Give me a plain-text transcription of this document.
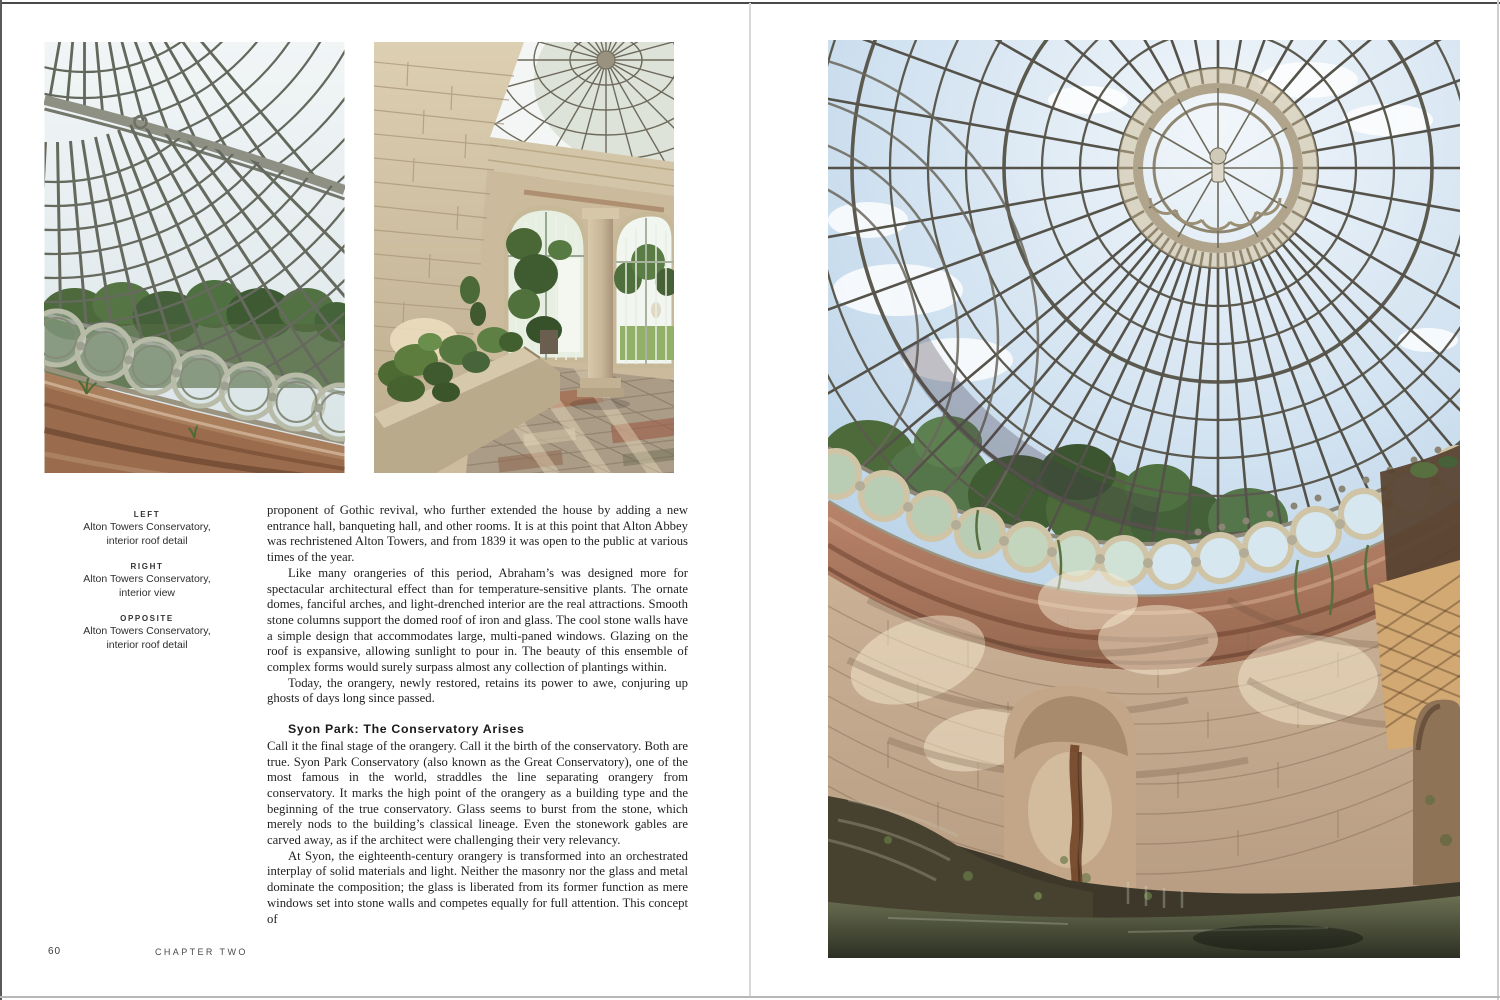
LEFT
Alton Towers Conservatory,
interior roof detail
RIGHT
Alton Towers Conservatory,
interior view
OPPOSITE
Alton Towers Conservatory,
interior roof detail

proponent of Gothic revival, who further extended the house by adding a new entrance hall, banqueting hall, and other rooms. It is at this point that Alton Abbey was rechristened Alton Towers, and from 1839 it was open to the public at various times of the year.

Like many orangeries of this period, Abraham’s was designed more for spectacular architectural effect than for temperature-sensitive plants. The ornate domes, fanciful arches, and light-drenched interior are the real attractions. Smooth stone columns support the domed roof of iron and glass. The cool stone walls have a simple design that accommodates large, multi-paned windows. Glazing on the roof is expansive, allowing sunlight to pour in. The beauty of this ensemble of complex forms would surely surpass almost any collection of plantings within.

Today, the orangery, newly restored, retains its power to awe, conjuring up ghosts of days long since passed.

Syon Park: The Conservatory Arises

Call it the final stage of the orangery. Call it the birth of the conservatory. Both are true. Syon Park Conservatory (also known as the Great Conservatory), one of the most famous in the world, straddles the line separating orangery from conservatory. It marks the high point of the orangery as a building type and the beginning of the true conservatory. Glass seems to burst from the stone, which merely nods to the building’s classical lineage. Even the stonework gables are carved away, as if the architect were challenging their very relevancy.

At Syon, the eighteenth-century orangery is transformed into an orchestrated interplay of solid materials and light. Neither the masonry nor the glass and metal dominate the composition; the glass is liberated from its former function as mere windows set into stone walls and competes equally for full attention. This concept of

60	CHAPTER TWO
